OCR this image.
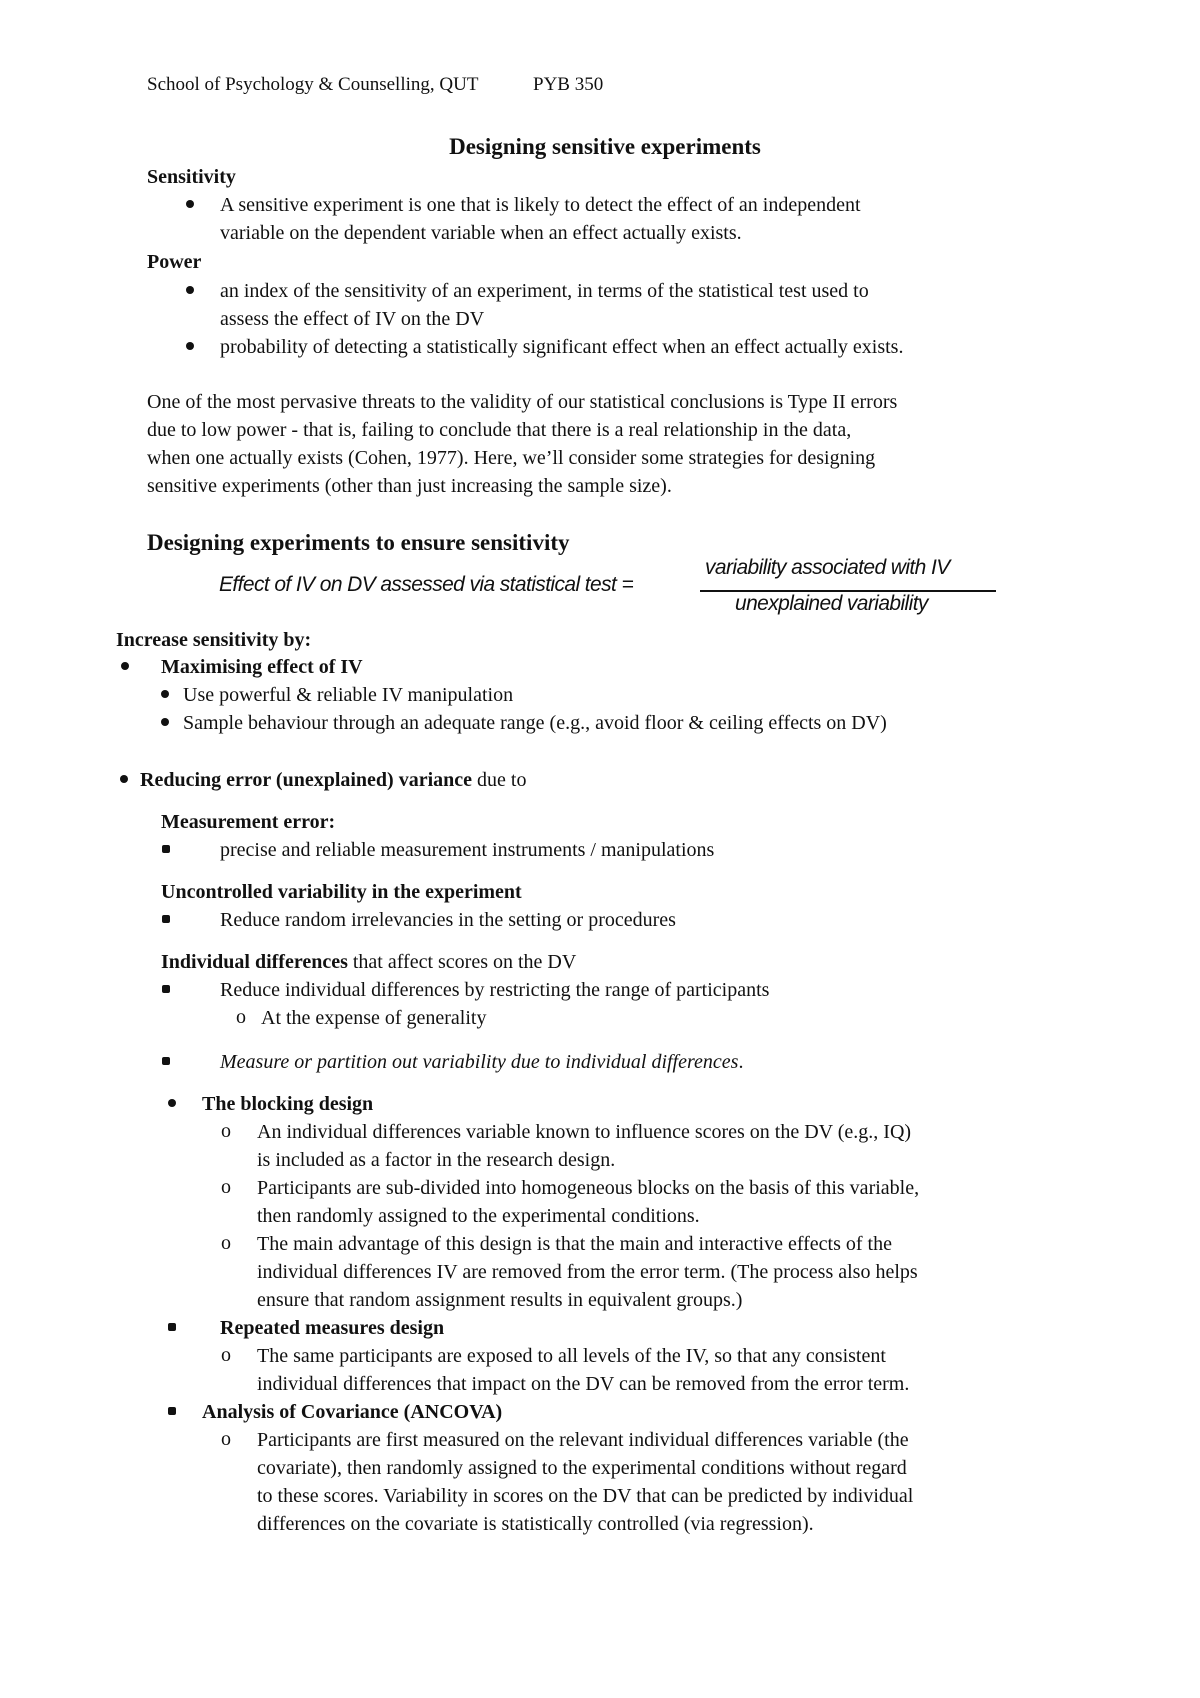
School of Psychology & Counselling, QUT	PYB 350
Designing sensitive experiments
Sensitivity
A sensitive experiment is one that is likely to detect the effect of an independent
variable on the dependent variable when an effect actually exists.
Power
an index of the sensitivity of an experiment, in terms of the statistical test used to
assess the effect of IV on the DV
probability of detecting a statistically significant effect when an effect actually exists.
One of the most pervasive threats to the validity of our statistical conclusions is Type II errors
due to low power - that is, failing to conclude that there is a real relationship in the data,
when one actually exists (Cohen, 1977). Here, we’ll consider some strategies for designing
sensitive experiments (other than just increasing the sample size).
Designing experiments to ensure sensitivity
Effect of IV on DV assessed via statistical test =
variability associated with IV
unexplained variability
Increase sensitivity by:
Maximising effect of IV
Use powerful & reliable IV manipulation
Sample behaviour through an adequate range (e.g., avoid floor & ceiling effects on DV)
Reducing error (unexplained) variance due to
Measurement error:
precise and reliable measurement instruments / manipulations
Uncontrolled variability in the experiment
Reduce random irrelevancies in the setting or procedures
Individual differences that affect scores on the DV
Reduce individual differences by restricting the range of participants
o At the expense of generality
Measure or partition out variability due to individual differences.
The blocking design
o An individual differences variable known to influence scores on the DV (e.g., IQ)
is included as a factor in the research design.
o Participants are sub-divided into homogeneous blocks on the basis of this variable,
then randomly assigned to the experimental conditions.
o The main advantage of this design is that the main and interactive effects of the
individual differences IV are removed from the error term. (The process also helps
ensure that random assignment results in equivalent groups.)
Repeated measures design
o The same participants are exposed to all levels of the IV, so that any consistent
individual differences that impact on the DV can be removed from the error term.
Analysis of Covariance (ANCOVA)
o Participants are first measured on the relevant individual differences variable (the
covariate), then randomly assigned to the experimental conditions without regard
to these scores. Variability in scores on the DV that can be predicted by individual
differences on the covariate is statistically controlled (via regression).
